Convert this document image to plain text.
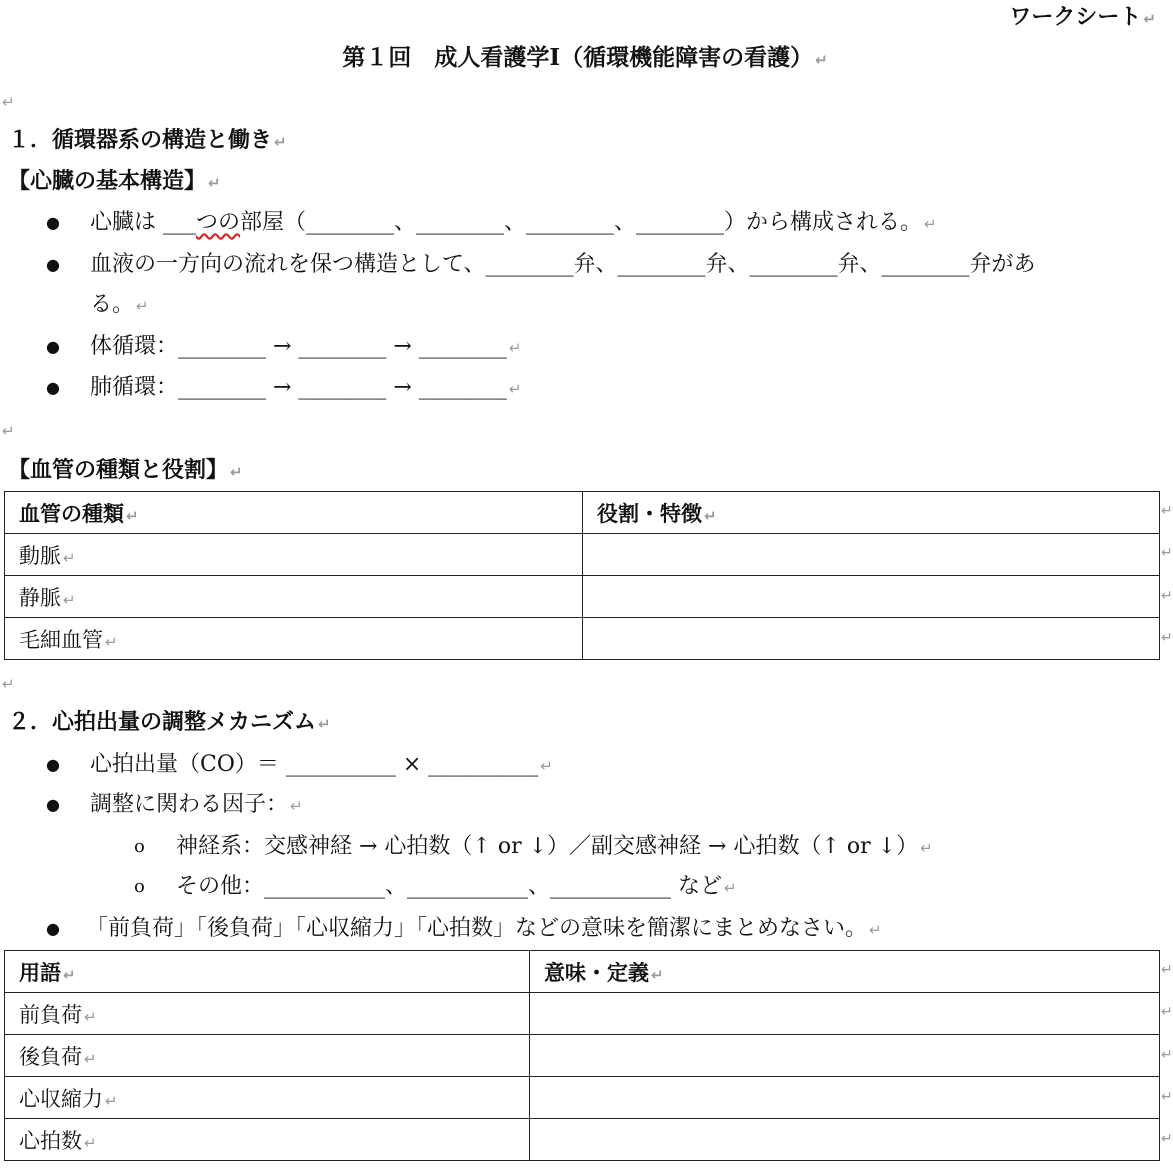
ワークシート ↵
第１回　成人看護学Ⅰ（循環機能障害の看護） ↵
↵
１．循環器系の構造と働き ↵
【心臓の基本構造】 ↵
● 心臓は ___つの部屋（________、________、________、________）から構成される。 ↵
● 血液の一方向の流れを保つ構造として、________弁、________弁、________弁、________弁があ
る。 ↵
● 体循環：________ → ________ → ________ ↵
● 肺循環：________ → ________ → ________ ↵
↵
【血管の種類と役割】 ↵
血管の種類 ↵	役割・特徴 ↵
動脈 ↵	
静脈 ↵	
毛細血管 ↵	
↵
↵
↵
↵
↵
２．心拍出量の調整メカニズム ↵
● 心拍出量（CO）＝ __________ × __________ ↵
● 調整に関わる因子： ↵
o 神経系：交感神経 → 心拍数（↑ or ↓）／副交感神経 → 心拍数（↑ or ↓） ↵
o その他：___________、___________、___________ など ↵
● 「前負荷」「後負荷」「心収縮力」「心拍数」などの意味を簡潔にまとめなさい。 ↵
用語 ↵	意味・定義 ↵
前負荷 ↵	
後負荷 ↵	
心収縮力 ↵	
心拍数 ↵	
↵
↵
↵
↵
↵
